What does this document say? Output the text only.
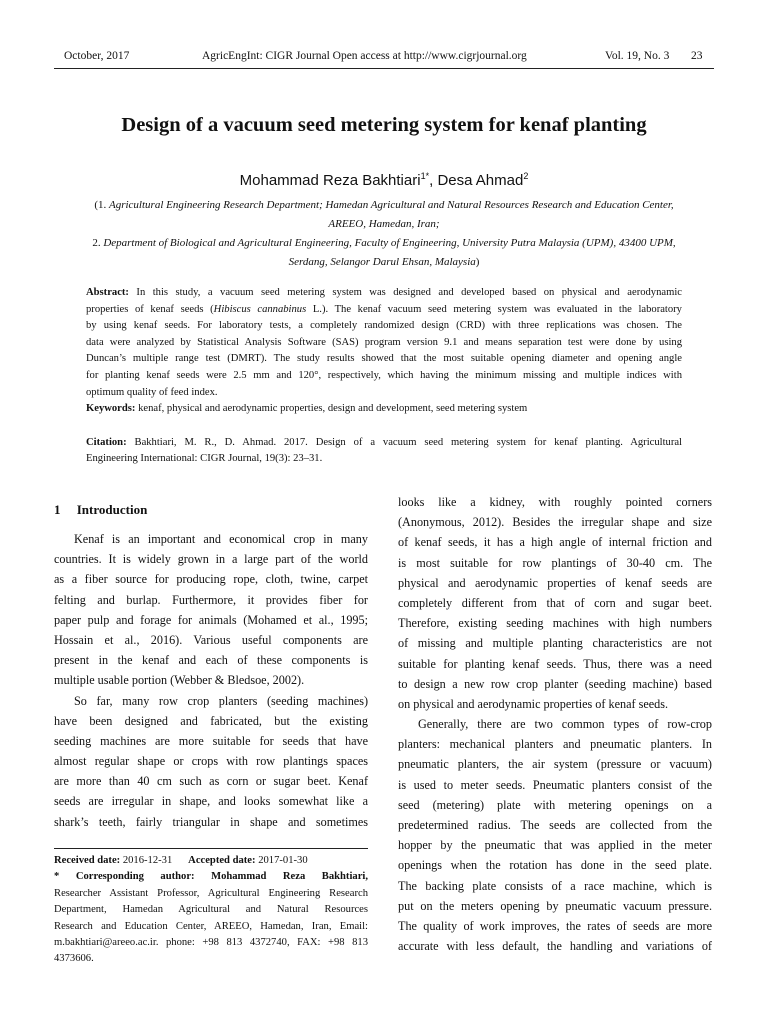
October, 2017	AgricEngInt: CIGR Journal Open access at http://www.cigrjournal.org	Vol. 19, No. 3 23
Design of a vacuum seed metering system for kenaf planting
Mohammad Reza Bakhtiari$^{1*}$, Desa Ahmad$^2$
(1. Agricultural Engineering Research Department; Hamedan Agricultural and Natural Resources Research and Education Center,
AREEO, Hamedan, Iran;
2. Department of Biological and Agricultural Engineering, Faculty of Engineering, University Putra Malaysia (UPM), 43400 UPM,
Serdang, Selangor Darul Ehsan, Malaysia)
Abstract: In this study, a vacuum seed metering system was designed and developed based on physical and aerodynamic
properties of kenaf seeds (Hibiscus cannabinus L.). The kenaf vacuum seed metering system was evaluated in the laboratory
by using kenaf seeds. For laboratory tests, a completely randomized design (CRD) with three replications was chosen. The
data were analyzed by Statistical Analysis Software (SAS) program version 9.1 and means separation test were done by using
Duncan’s multiple range test (DMRT). The study results showed that the most suitable opening diameter and opening angle
for planting kenaf seeds were 2.5 mm and 120°, respectively, which having the minimum missing and multiple indices with
optimum quality of feed index.
Keywords: kenaf, physical and aerodynamic properties, design and development, seed metering system
Citation: Bakhtiari, M. R., D. Ahmad. 2017. Design of a vacuum seed metering system for kenaf planting. Agricultural
Engineering International: CIGR Journal, 19(3): 23–31.
1 Introduction
Kenaf is an important and economical crop in many
countries. It is widely grown in a large part of the world
as a fiber source for producing rope, cloth, twine, carpet
felting and burlap. Furthermore, it provides fiber for
paper pulp and forage for animals (Mohamed et al., 1995;
Hossain et al., 2016). Various useful components are
present in the kenaf and each of these components is
multiple usable portion (Webber & Bledsoe, 2002).
So far, many row crop planters (seeding machines)
have been designed and fabricated, but the existing
seeding machines are more suitable for seeds that have
almost regular shape or crops with row plantings spaces
are more than 40 cm such as corn or sugar beet. Kenaf
seeds are irregular in shape, and looks somewhat like a
shark’s teeth, fairly triangular in shape and sometimes
looks like a kidney, with roughly pointed corners
(Anonymous, 2012). Besides the irregular shape and size
of kenaf seeds, it has a high angle of internal friction and
is most suitable for row plantings of 30-40 cm. The
physical and aerodynamic properties of kenaf seeds are
completely different from that of corn and sugar beet.
Therefore, existing seeding machines with high numbers
of missing and multiple planting characteristics are not
suitable for planting kenaf seeds. Thus, there was a need
to design a new row crop planter (seeding machine) based
on physical and aerodynamic properties of kenaf seeds.
Generally, there are two common types of row-crop
planters: mechanical planters and pneumatic planters. In
pneumatic planters, the air system (pressure or vacuum)
is used to meter seeds. Pneumatic planters consist of the
seed (metering) plate with metering openings on a
predetermined radius. The seeds are collected from the
hopper by the pneumatic that was applied in the meter
openings when the rotation has done in the seed plate.
The backing plate consists of a race machine, which is
put on the meters opening by pneumatic vacuum pressure.
The quality of work improves, the rates of seeds are more
accurate with less default, the handling and variations of
Received date: 2016-12-31 Accepted date: 2017-01-30
* Corresponding author: Mohammad Reza Bakhtiari,
Researcher Assistant Professor, Agricultural Engineering Research
Department, Hamedan Agricultural and Natural Resources
Research and Education Center, AREEO, Hamedan, Iran, Email:
m.bakhtiari@areeo.ac.ir. phone: +98 813 4372740, FAX: +98 813
4373606.
